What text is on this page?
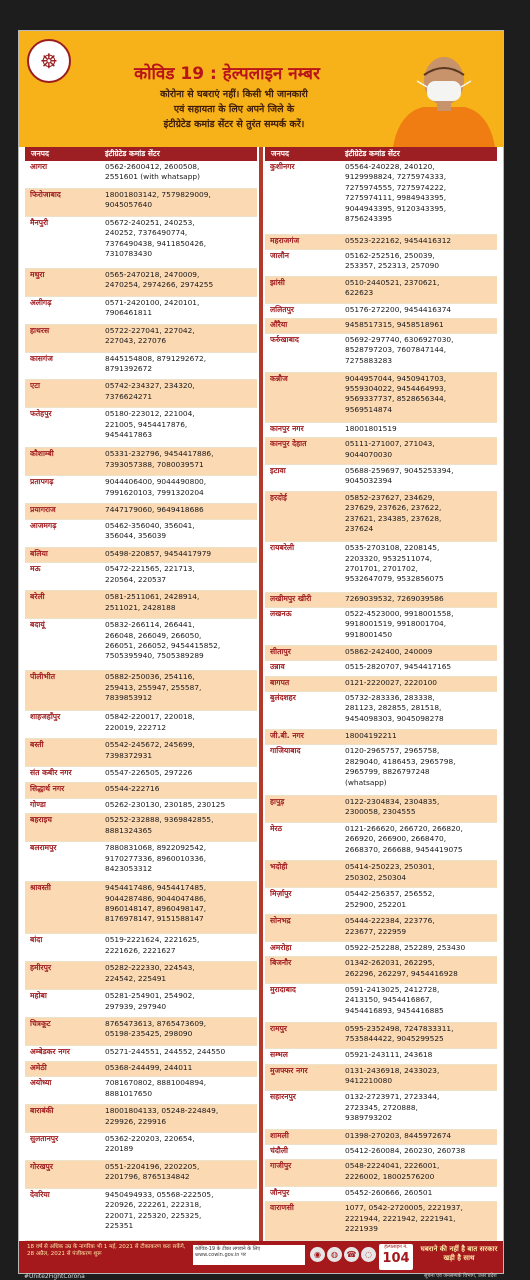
☸
कोविड 19 : हेल्पलाइन नम्बर
कोरोना से घबराएं नहीं। किसी भी जानकारी
एवं सहायता के लिए अपने जिले के
इंटीग्रेटेड कमांड सेंटर से तुरंत सम्पर्क करें।
जनपद	इंटीग्रेटेड कमांड सेंटर
आगरा	0562-2600412, 2600508,
2551601 (with whatsapp)
फिरोजाबाद	18001803142, 7579829009,
9045057640
मैनपुरी	05672-240251, 240253,
240252, 7376490774,
7376490438, 9411850426,
7310783430
मथुरा	0565-2470218, 2470009,
2470254, 2974266, 2974255
अलीगढ़	0571-2420100, 2420101,
7906461811
हाथरस	05722-227041, 227042,
227043, 227076
कासगंज	8445154808, 8791292672,
8791392672
एटा	05742-234327, 234320,
7376624271
फतेहपुर	05180-223012, 221004,
221005, 9454417876,
9454417863
कौशाम्बी	05331-232796, 9454417886,
7393057388, 7080039571
प्रतापगढ़	9044406400, 9044490800,
7991620103, 7991320204
प्रयागराज	7447179060, 9649418686
आजमगढ़	05462-356040, 356041,
356044, 356039
बलिया	05498-220857, 9454417979
मऊ	05472-221565, 221713,
220564, 220537
बरेली	0581-2511061, 2428914,
2511021, 2428188
बदायूं	05832-266114, 266441,
266048, 266049, 266050,
266051, 266052, 9454415852,
7505395940, 7505389289
पीलीभीत	05882-250036, 254116,
259413, 255947, 255587,
7839853912
शाहजहाँपुर	05842-220017, 220018,
220019, 222712
बस्ती	05542-245672, 245699,
7398372931
संत कबीर नगर	05547-226505, 297226
सिद्धार्थ नगर	05544-222716
गोण्डा	05262-230130, 230185, 230125
बहराइच	05252-232888, 9369842855,
8881324365
बलरामपुर	7880831068, 8922092542,
9170277336, 8960010336,
8423053312
श्रावस्ती	9454417486, 9454417485,
9044287486, 9044047486,
8960148147, 8960498147,
8176978147, 9151588147
बांदा	0519-2221624, 2221625,
2221626, 2221627
हमीरपुर	05282-222330, 224543,
224542, 225491
महोबा	05281-254901, 254902,
297939, 297940
चित्रकूट	8765473613, 8765473609,
05198-235425, 298090
अम्बेडकर नगर	05271-244551, 244552, 244550
अमेठी	05368-244499, 244011
अयोध्या	7081670802, 8881004894,
8881017650
बाराबंकी	18001804133, 05248-224849,
229926, 229916
सुलतानपुर	05362-220203, 220654,
220189
गोरखपुर	0551-2204196, 2202205,
2201796, 8765134842
देवरिया	9450494933, 05568-222505,
220926, 222261, 222318,
220071, 225320, 225325,
225351
जनपद	इंटीग्रेटेड कमांड सेंटर
कुशीनगर	05564-240228, 240120,
9129998824, 7275974333,
7275974555, 7275974222,
7275974111, 9984943395,
9044943395, 9120343395,
8756243395
महराजगंज	05523-222162, 9454416312
जालौन	05162-252516, 250039,
253357, 252313, 257090
झांसी	0510-2440521, 2370621,
622623
ललितपुर	05176-272200, 9454416374
औरैया	9458517315, 9458518961
फर्रुखाबाद	05692-297740, 6306927030,
8528797203, 7607847144,
7275883283
कन्नौज	9044957044, 9450941703,
9559304022, 9454464993,
9569337737, 8528656344,
9569514874
कानपुर नगर	18001801519
कानपुर देहात	05111-271007, 271043,
9044070030
इटावा	05688-259697, 9045253394,
9045032394
हरदोई	05852-237627, 234629,
237629, 237626, 237622,
237621, 234385, 237628,
237624
रायबरेली	0535-2703108, 2208145,
2203320, 9532511074,
2701701, 2701702,
9532647079, 9532856075
लखीमपुर खीरी	7269039532, 7269039586
लखनऊ	0522-4523000, 9918001558,
9918001519, 9918001704,
9918001450
सीतापुर	05862-242400, 240009
उन्नाव	0515-2820707, 9454417165
बागपत	0121-2220027, 2220100
बुलंदशहर	05732-283336, 283338,
281123, 282855, 281518,
9454098303, 9045098278
जी.बी. नगर	18004192211
गाजियाबाद	0120-2965757, 2965758,
2829040, 4186453, 2965798,
2965799, 8826797248
(whatsapp)
हापुड़	0122-2304834, 2304835,
2300058, 2304555
मेरठ	0121-266620, 266720, 266820,
266920, 266900, 2668470,
2668370, 266688, 9454419075
भदोही	05414-250223, 250301,
250302, 250304
मिर्ज़ापुर	05442-256357, 256552,
252900, 252201
सोनभद्र	05444-222384, 223776,
223677, 222959
अमरोहा	05922-252288, 252289, 253430
बिजनौर	01342-262031, 262295,
262296, 262297, 9454416928
मुरादाबाद	0591-2413025, 2412728,
2413150, 9454416867,
9454416893, 9454416885
रामपुर	0595-2352498, 7247833311,
7535844422, 9045299525
सम्भल	05921-243111, 243618
मुजफ्फर नगर	0131-2436918, 2433023,
9412210080
सहारनपुर	0132-2723971, 2723344,
2723345, 2720888,
9389793202
शामली	01398-270203, 8445972674
चंदौली	05412-260084, 260230, 260738
गाजीपुर	0548-2224041, 2226001,
2226002, 18002576200
जौनपुर	05452-260666, 260501
वाराणसी	1077, 0542-2720005, 2221937,
2221944, 2221942, 2221941,
2221939
18 वर्ष से अधिक उम्र के नागरिक भी 1 मई, 2021 से टीकाकरण करा सकेंगे, 28 अप्रैल, 2021 से पंजीकरण शुरू
कोविड-19 के टीका लगवाने के लिए www.cowin.gov.in पर	◉	◍	☎	◌
हेल्पलाइन नं.
104
घबराने की नहीं है बात सरकार खड़ी है साथ
#Unite2FightCorona	सूचना एवं जनसम्पर्क विभाग, उत्तर प्रदेश
